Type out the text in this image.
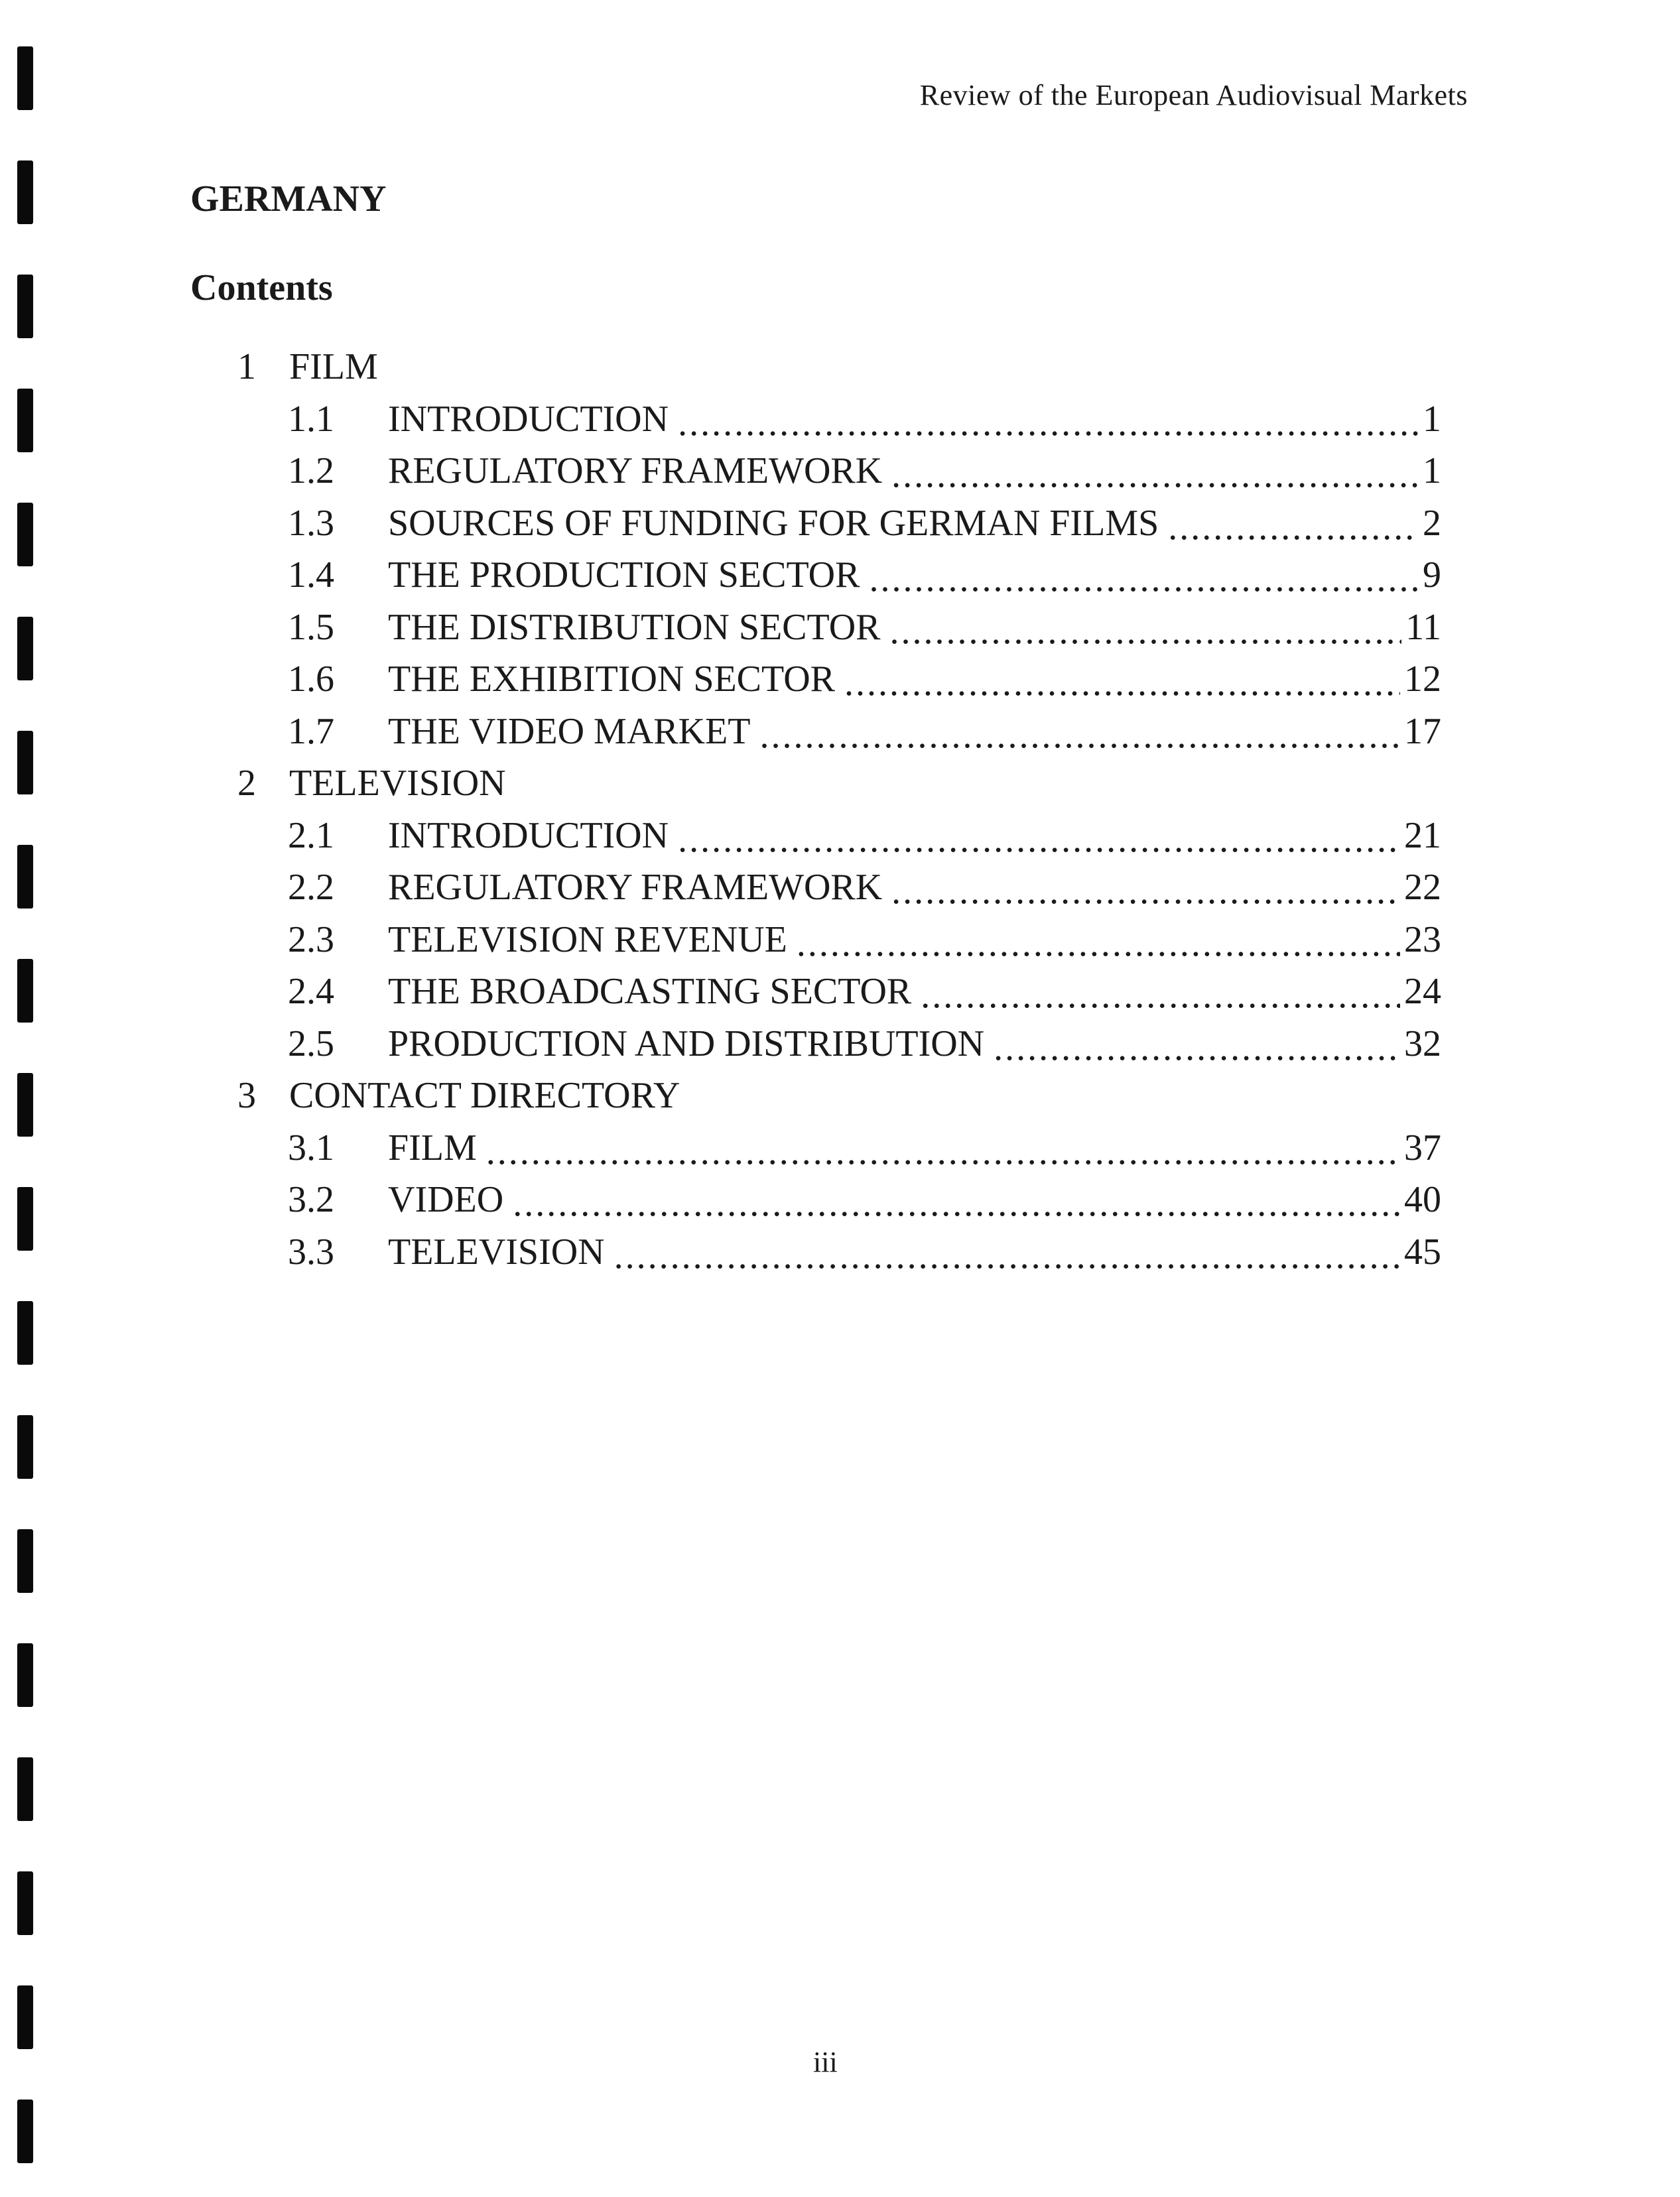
Review of the European Audiovisual Markets
GERMANY
Contents
1 FILM
1.1	INTRODUCTION .....	1
1.2	REGULATORY FRAMEWORK .....	1
1.3	SOURCES OF FUNDING FOR GERMAN FILMS .....	2
1.4	THE PRODUCTION SECTOR .....	9
1.5	THE DISTRIBUTION SECTOR .....	11
1.6	THE EXHIBITION SECTOR .....	12
1.7	THE VIDEO MARKET .....	17
2 TELEVISION
2.1	INTRODUCTION .....	21
2.2	REGULATORY FRAMEWORK .....	22
2.3	TELEVISION REVENUE .....	23
2.4	THE BROADCASTING SECTOR .....	24
2.5	PRODUCTION AND DISTRIBUTION .....	32
3 CONTACT DIRECTORY
3.1	FILM .....	37
3.2	VIDEO .....	40
3.3	TELEVISION .....	45
iii
